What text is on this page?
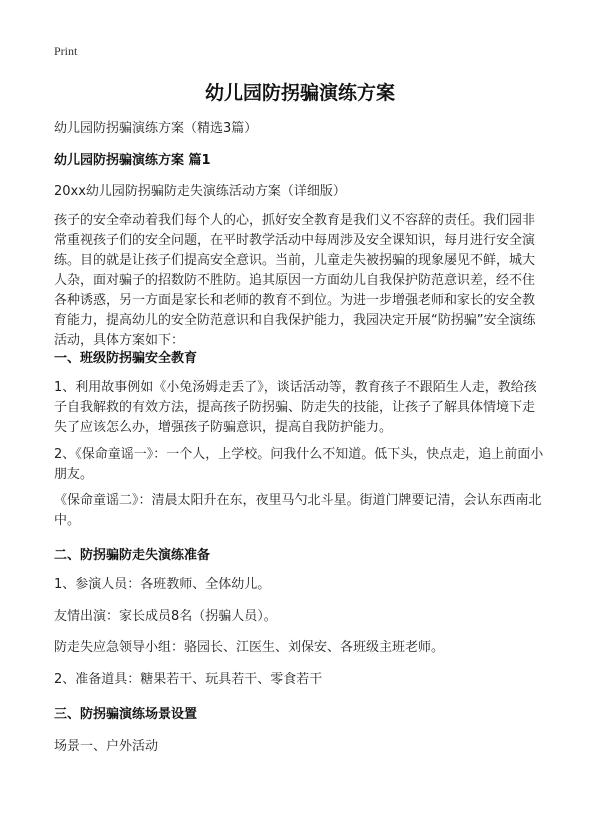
Print
幼儿园防拐骗演练方案
幼儿园防拐骗演练方案（精选3篇）
幼儿园防拐骗演练方案 篇1
20xx幼儿园防拐骗防走失演练活动方案（详细版）
孩子的安全牵动着我们每个人的心，抓好安全教育是我们义不容辞的责任。我们园非常重视孩子们的安全问题，在平时教学活动中每周涉及安全课知识，每月进行安全演练。目的就是让孩子们提高安全意识。当前，儿童走失被拐骗的现象屡见不鲜，城大人杂，面对骗子的招数防不胜防。追其原因一方面幼儿自我保护防范意识差，经不住各种诱惑，另一方面是家长和老师的教育不到位。为进一步增强老师和家长的安全教育能力，提高幼儿的安全防范意识和自我保护能力，我园决定开展“防拐骗”安全演练活动，具体方案如下：
一、班级防拐骗安全教育
1、利用故事例如《小兔汤姆走丢了》，谈话活动等，教育孩子不跟陌生人走，教给孩子自我解救的有效方法，提高孩子防拐骗、防走失的技能，让孩子了解具体情境下走失了应该怎么办，增强孩子防骗意识，提高自我防护能力。
2、《保命童谣一》：一个人，上学校。问我什么不知道。低下头，快点走，追上前面小朋友。
《保命童谣二》：清晨太阳升在东，夜里马勺北斗星。街道门牌要记清，会认东西南北中。
二、防拐骗防走失演练准备
1、参演人员：各班教师、全体幼儿。
友情出演：家长成员8名（拐骗人员）。
防走失应急领导小组：骆园长、江医生、刘保安、各班级主班老师。
2、准备道具：糖果若干、玩具若干、零食若干
三、防拐骗演练场景设置
场景一、户外活动
